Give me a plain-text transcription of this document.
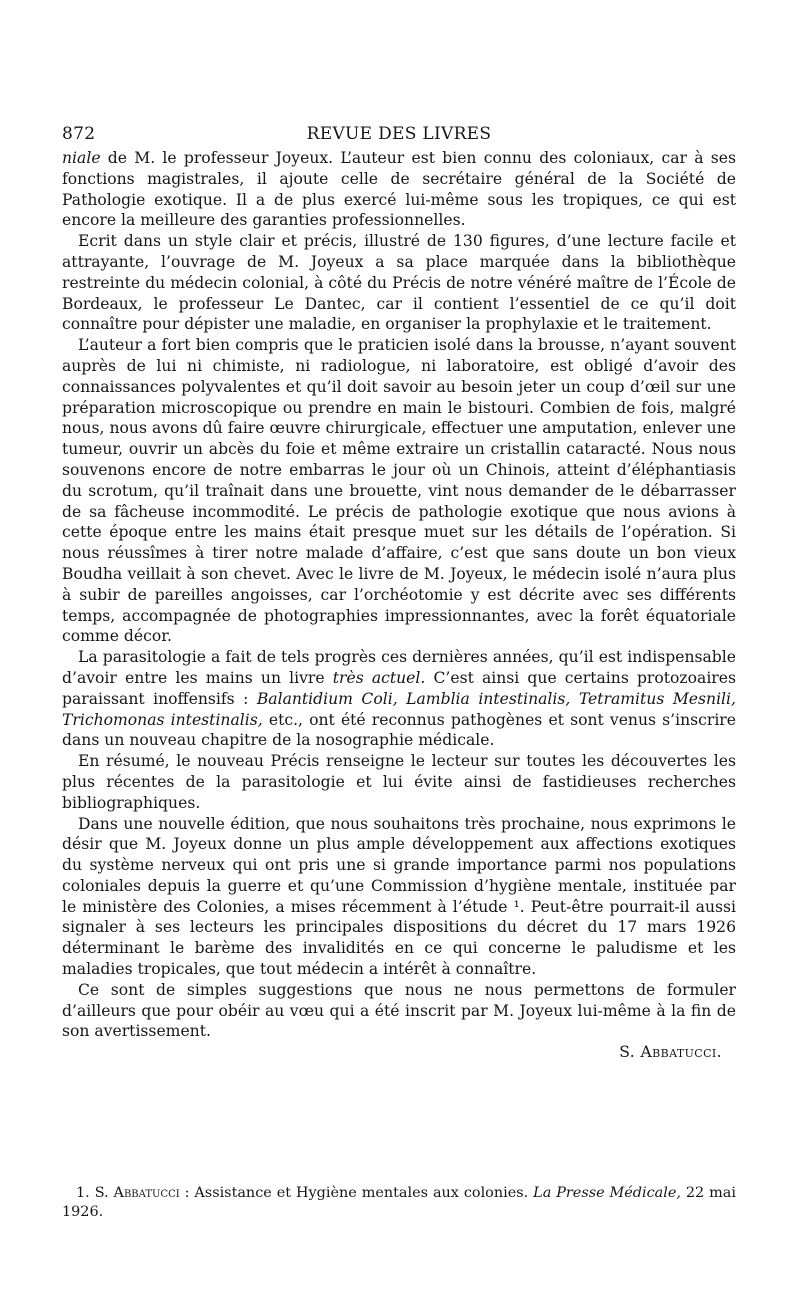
872	REVUE DES LIVRES

niale de M. le professeur Joyeux. L’auteur est bien connu des coloniaux, car à ses fonctions magistrales, il ajoute celle de secrétaire général de la Société de Pathologie exotique. Il a de plus exercé lui-même sous les tropiques, ce qui est encore la meilleure des garanties professionnelles.

Ecrit dans un style clair et précis, illustré de 130 figures, d’une lecture facile et attrayante, l’ouvrage de M. Joyeux a sa place marquée dans la bibliothèque restreinte du médecin colonial, à côté du Précis de notre vénéré maître de l’École de Bordeaux, le professeur Le Dantec, car il contient l’essentiel de ce qu’il doit connaître pour dépister une maladie, en organiser la prophylaxie et le traitement.

L’auteur a fort bien compris que le praticien isolé dans la brousse, n’ayant souvent auprès de lui ni chimiste, ni radiologue, ni laboratoire, est obligé d’avoir des connaissances polyvalentes et qu’il doit savoir au besoin jeter un coup d’œil sur une préparation microscopique ou prendre en main le bistouri. Combien de fois, malgré nous, nous avons dû faire œuvre chirurgicale, effectuer une amputation, enlever une tumeur, ouvrir un abcès du foie et même extraire un cristallin cataracté. Nous nous souvenons encore de notre embarras le jour où un Chinois, atteint d’éléphantiasis du scrotum, qu’il traînait dans une brouette, vint nous demander de le débarrasser de sa fâcheuse incommodité. Le précis de pathologie exotique que nous avions à cette époque entre les mains était presque muet sur les détails de l’opération. Si nous réussîmes à tirer notre malade d’affaire, c’est que sans doute un bon vieux Boudha veillait à son chevet. Avec le livre de M. Joyeux, le médecin isolé n’aura plus à subir de pareilles angoisses, car l’orchéotomie y est décrite avec ses différents temps, accompagnée de photographies impressionnantes, avec la forêt équatoriale comme décor.

La parasitologie a fait de tels progrès ces dernières années, qu’il est indispensable d’avoir entre les mains un livre très actuel. C’est ainsi que certains protozoaires paraissant inoffensifs : Balantidium Coli, Lamblia intestinalis, Tetramitus Mesnili, Trichomonas intestinalis, etc., ont été reconnus pathogènes et sont venus s’inscrire dans un nouveau chapitre de la nosographie médicale.

En résumé, le nouveau Précis renseigne le lecteur sur toutes les découvertes les plus récentes de la parasitologie et lui évite ainsi de fastidieuses recherches bibliographiques.

Dans une nouvelle édition, que nous souhaitons très prochaine, nous exprimons le désir que M. Joyeux donne un plus ample développement aux affections exotiques du système nerveux qui ont pris une si grande importance parmi nos populations coloniales depuis la guerre et qu’une Commission d’hygiène mentale, instituée par le ministère des Colonies, a mises récemment à l’étude ¹. Peut-être pourrait-il aussi signaler à ses lecteurs les principales dispositions du décret du 17 mars 1926 déterminant le barème des invalidités en ce qui concerne le paludisme et les maladies tropicales, que tout médecin a intérêt à connaître.

Ce sont de simples suggestions que nous ne nous permettons de formuler d’ailleurs que pour obéir au vœu qui a été inscrit par M. Joyeux lui-même à la fin de son avertissement.

S. Abbatucci.

1. S. Abbatucci : Assistance et Hygiène mentales aux colonies. La Presse Médicale, 22 mai 1926.
